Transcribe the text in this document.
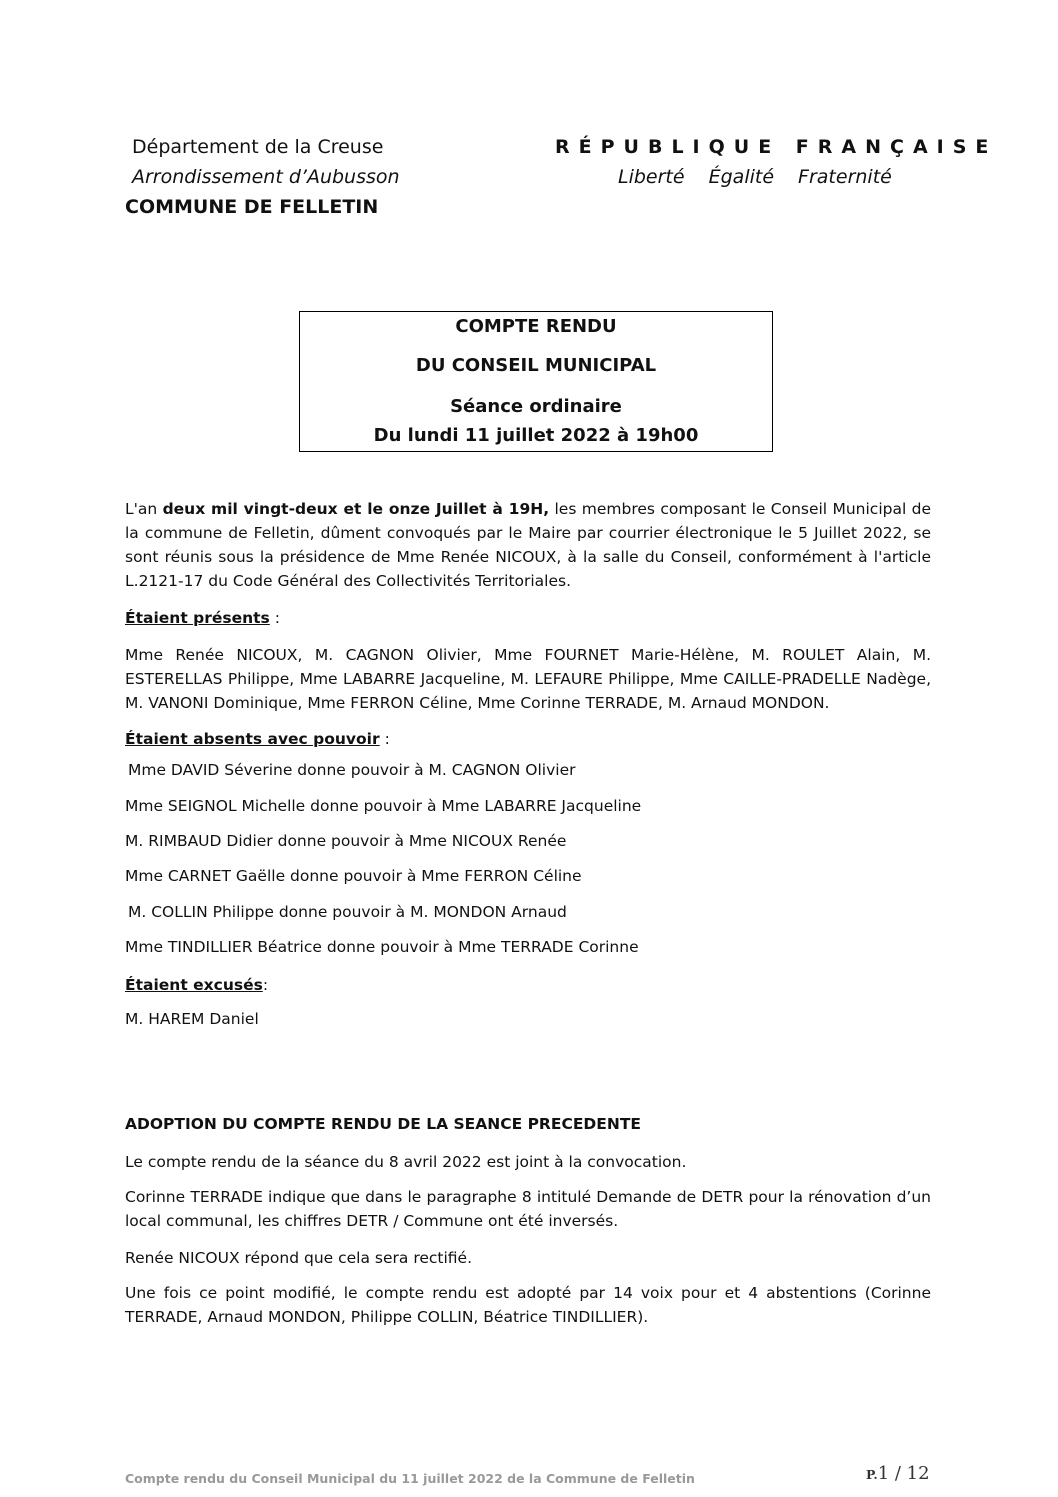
Département de la Creuse
Arrondissement d’Aubusson
COMMUNE DE FELLETIN
RÉPUBLIQUE FRANÇAISE
Liberté Égalité Fraternité
COMPTE RENDU
DU CONSEIL MUNICIPAL
Séance ordinaire
Du lundi 11 juillet 2022 à 19h00
L'an deux mil vingt-deux et le onze Juillet à 19H, les membres composant le Conseil Municipal de la commune de Felletin, dûment convoqués par le Maire par courrier électronique le 5 Juillet 2022, se sont réunis sous la présidence de Mme Renée NICOUX, à la salle du Conseil, conformément à l'article L.2121-17 du Code Général des Collectivités Territoriales.
Étaient présents :
Mme Renée NICOUX, M. CAGNON Olivier, Mme FOURNET Marie-Hélène, M. ROULET Alain, M. ESTERELLAS Philippe, Mme LABARRE Jacqueline, M. LEFAURE Philippe, Mme CAILLE-PRADELLE Nadège, M. VANONI Dominique, Mme FERRON Céline, Mme Corinne TERRADE, M. Arnaud MONDON.
Étaient absents avec pouvoir :
Mme DAVID Séverine donne pouvoir à M. CAGNON Olivier
Mme SEIGNOL Michelle donne pouvoir à Mme LABARRE Jacqueline
M. RIMBAUD Didier donne pouvoir à Mme NICOUX Renée
Mme CARNET Gaëlle donne pouvoir à Mme FERRON Céline
M. COLLIN Philippe donne pouvoir à M. MONDON Arnaud
Mme TINDILLIER Béatrice donne pouvoir à Mme TERRADE Corinne
Étaient excusés:
M. HAREM Daniel
ADOPTION DU COMPTE RENDU DE LA SEANCE PRECEDENTE
Le compte rendu de la séance du 8 avril 2022 est joint à la convocation.
Corinne TERRADE indique que dans le paragraphe 8 intitulé Demande de DETR pour la rénovation d’un local communal, les chiffres DETR / Commune ont été inversés.
Renée NICOUX répond que cela sera rectifié.
Une fois ce point modifié, le compte rendu est adopté par 14 voix pour et 4 abstentions (Corinne TERRADE, Arnaud MONDON, Philippe COLLIN, Béatrice TINDILLIER).
Compte rendu du Conseil Municipal du 11 juillet 2022 de la Commune de Felletin	P.1 / 12
